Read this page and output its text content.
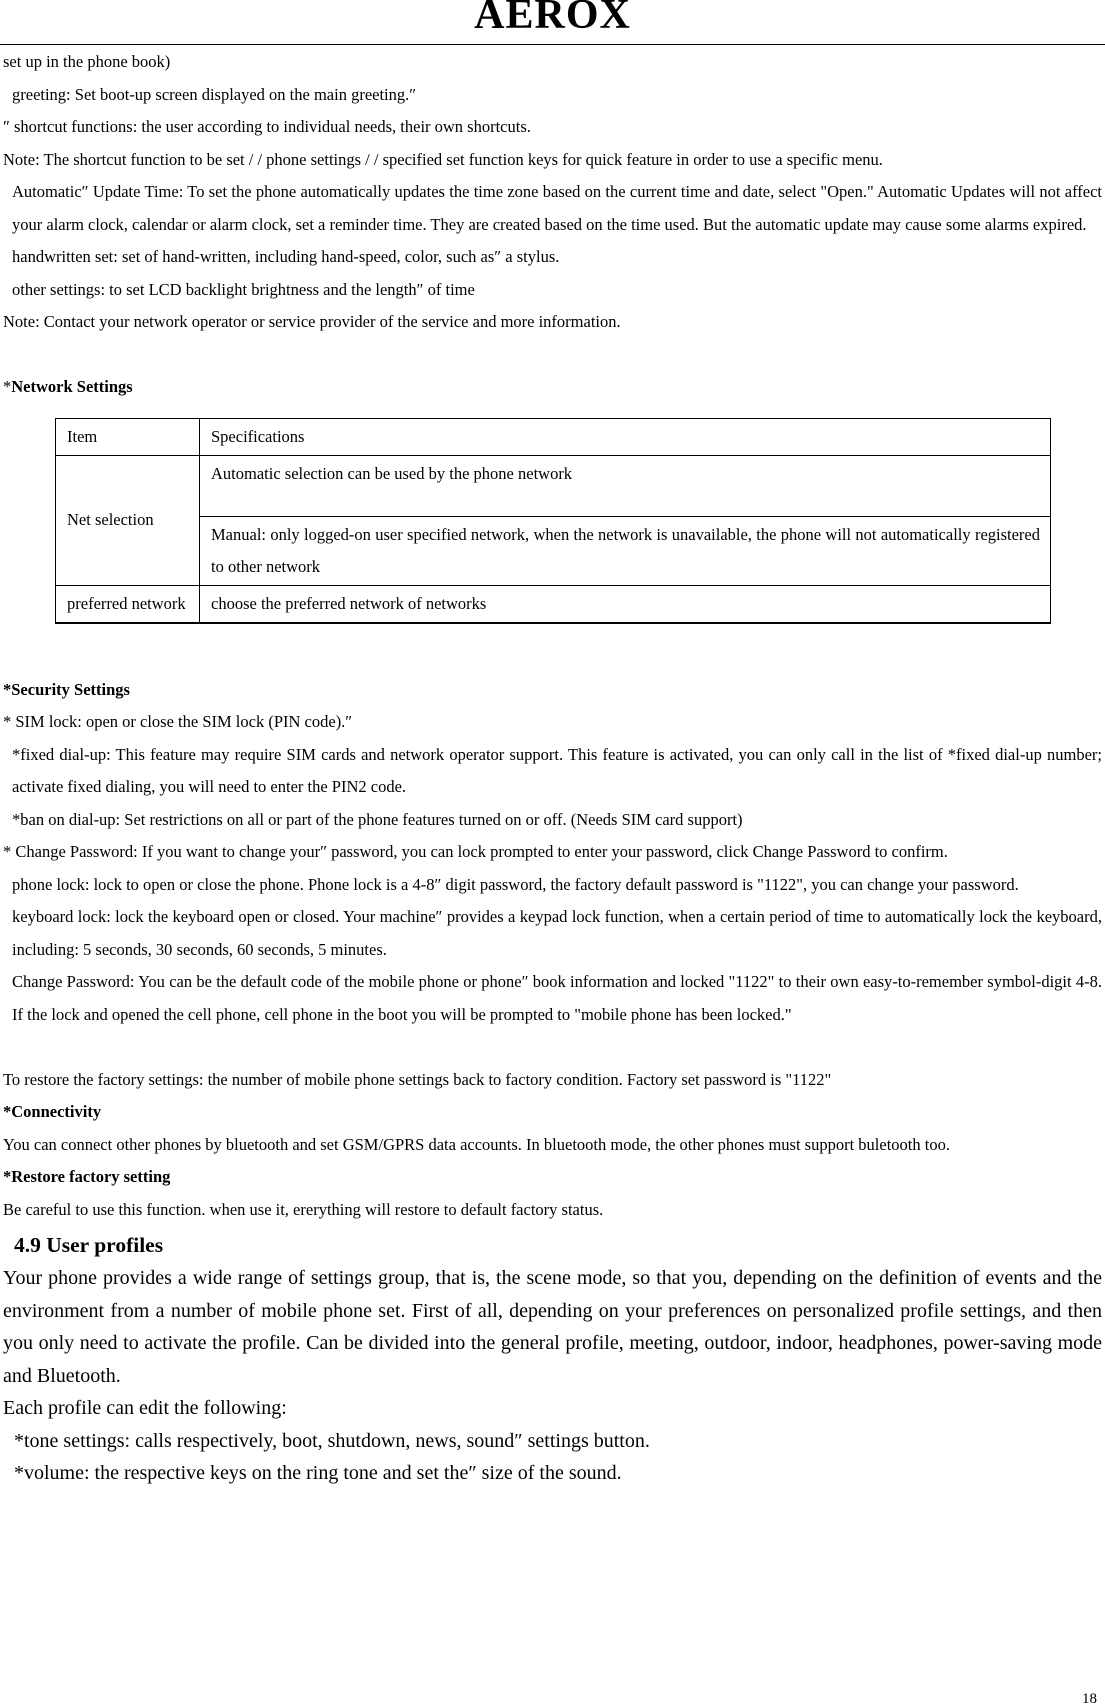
AEROX

set up in the phone book)

greeting: Set boot-up screen displayed on the main greeting.″

″ shortcut functions: the user according to individual needs, their own shortcuts.

Note: The shortcut function to be set / / phone settings / / specified set function keys for quick feature in order to use a specific menu.

Automatic″ Update Time: To set the phone automatically updates the time zone based on the current time and date, select "Open." Automatic Updates will not affect your alarm clock, calendar or alarm clock, set a reminder time. They are created based on the time used. But the automatic update may cause some alarms expired.

handwritten set: set of hand-written, including hand-speed, color, such as″ a stylus.

other settings: to set LCD backlight brightness and the length″ of time

Note: Contact your network operator or service provider of the service and more information.

*Network Settings

Item	Specifications
Net selection	Automatic selection can be used by the phone network
	Manual: only logged-on user specified network, when the network is unavailable, the phone will not automatically registered to other network
preferred network	choose the preferred network of networks

*Security Settings

* SIM lock: open or close the SIM lock (PIN code).″

*fixed dial-up: This feature may require SIM cards and network operator support. This feature is activated, you can only call in the list of *fixed dial-up number; activate fixed dialing, you will need to enter the PIN2 code.

*ban on dial-up: Set restrictions on all or part of the phone features turned on or off. (Needs SIM card support)

* Change Password: If you want to change your″ password, you can lock prompted to enter your password, click Change Password to confirm.

phone lock: lock to open or close the phone. Phone lock is a 4-8″ digit password, the factory default password is "1122", you can change your password.

keyboard lock: lock the keyboard open or closed. Your machine″ provides a keypad lock function, when a certain period of time to automatically lock the keyboard, including: 5 seconds, 30 seconds, 60 seconds, 5 minutes.

Change Password: You can be the default code of the mobile phone or phone″ book information and locked "1122" to their own easy-to-remember symbol-digit 4-8. If the lock and opened the cell phone, cell phone in the boot you will be prompted to "mobile phone has been locked."

To restore the factory settings: the number of mobile phone settings back to factory condition. Factory set password is "1122"

*Connectivity

You can connect other phones by bluetooth and set GSM/GPRS data accounts. In bluetooth mode, the other phones must support buletooth too.

*Restore factory setting

Be careful to use this function. when use it, ererything will restore to default factory status.

4.9 User profiles

Your phone provides a wide range of settings group, that is, the scene mode, so that you, depending on the definition of events and the environment from a number of mobile phone set. First of all, depending on your preferences on personalized profile settings, and then you only need to activate the profile. Can be divided into the general profile, meeting, outdoor, indoor, headphones, power-saving mode and Bluetooth.

Each profile can edit the following:

*tone settings: calls respectively, boot, shutdown, news, sound″ settings button.

*volume: the respective keys on the ring tone and set the″ size of the sound.

18
